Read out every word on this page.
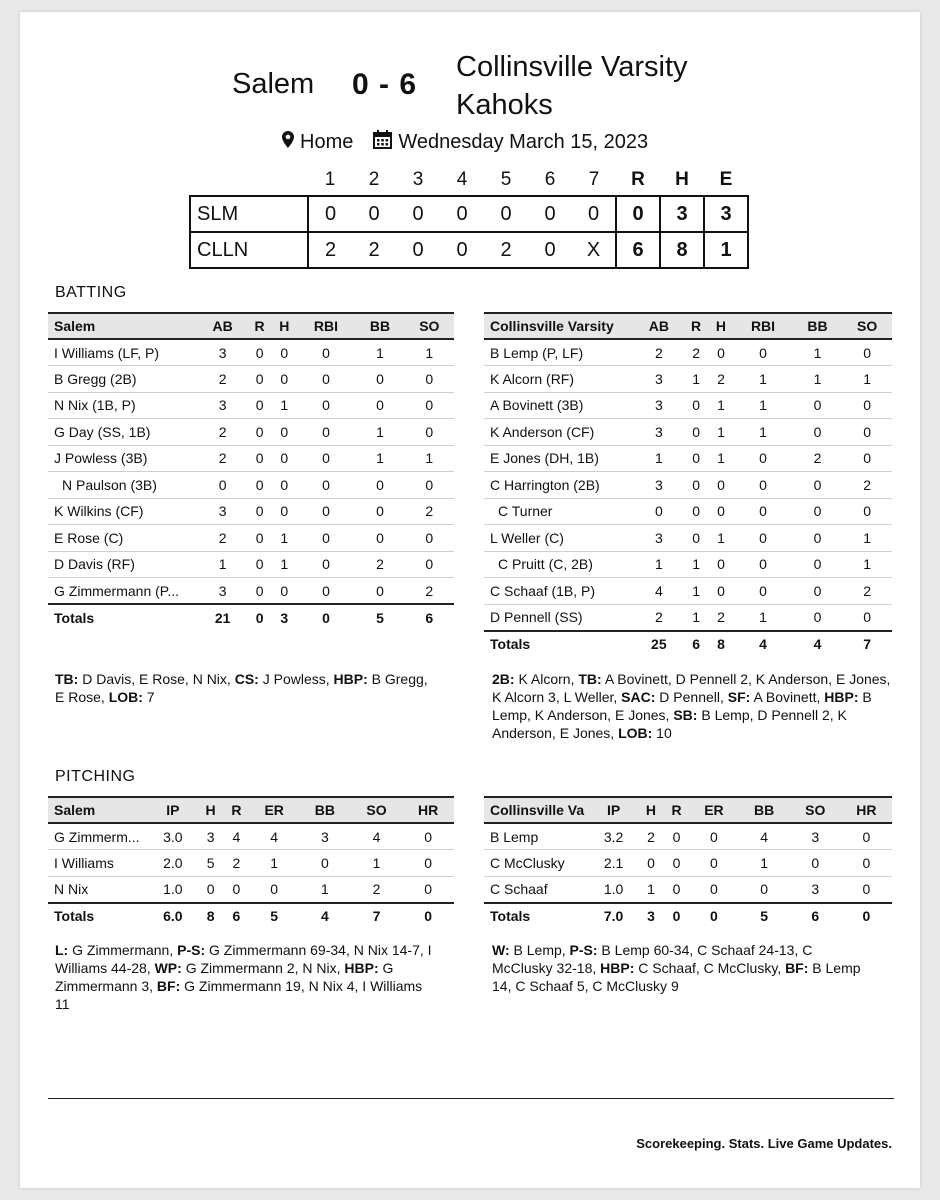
Salem 0 - 6
Collinsville Varsity Kahoks
Home Wednesday March 15, 2023
	1	2	3	4	5	6	7	R	H	E
SLM	0	0	0	0	0	0	0	0	3	3
CLLN	2	2	0	0	2	0	X	6	8	1
BATTING
Salem	AB	R	H	RBI	BB	SO
I Williams (LF, P)	3	0	0	0	1	1
B Gregg (2B)	2	0	0	0	0	0
N Nix (1B, P)	3	0	1	0	0	0
G Day (SS, 1B)	2	0	0	0	1	0
J Powless (3B)	2	0	0	0	1	1
N Paulson (3B)	0	0	0	0	0	0
K Wilkins (CF)	3	0	0	0	0	2
E Rose (C)	2	0	1	0	0	0
D Davis (RF)	1	0	1	0	2	0
G Zimmermann (P...	3	0	0	0	0	2
Totals	21	0	3	0	5	6
Collinsville Varsity	AB	R	H	RBI	BB	SO
B Lemp (P, LF)	2	2	0	0	1	0
K Alcorn (RF)	3	1	2	1	1	1
A Bovinett (3B)	3	0	1	1	0	0
K Anderson (CF)	3	0	1	1	0	0
E Jones (DH, 1B)	1	0	1	0	2	0
C Harrington (2B)	3	0	0	0	0	2
C Turner	0	0	0	0	0	0
L Weller (C)	3	0	1	0	0	1
C Pruitt (C, 2B)	1	1	0	0	0	1
C Schaaf (1B, P)	4	1	0	0	0	2
D Pennell (SS)	2	1	2	1	0	0
Totals	25	6	8	4	4	7
TB: D Davis, E Rose, N Nix, CS: J Powless, HBP: B Gregg, E Rose, LOB: 7
2B: K Alcorn, TB: A Bovinett, D Pennell 2, K Anderson, E Jones, K Alcorn 3, L Weller, SAC: D Pennell, SF: A Bovinett, HBP: B Lemp, K Anderson, E Jones, SB: B Lemp, D Pennell 2, K Anderson, E Jones, LOB: 10
PITCHING
Salem	IP	H	R	ER	BB	SO	HR
G Zimmerm...	3.0	3	4	4	3	4	0
I Williams	2.0	5	2	1	0	1	0
N Nix	1.0	0	0	0	1	2	0
Totals	6.0	8	6	5	4	7	0
Collinsville Va	IP	H	R	ER	BB	SO	HR
B Lemp	3.2	2	0	0	4	3	0
C McClusky	2.1	0	0	0	1	0	0
C Schaaf	1.0	1	0	0	0	3	0
Totals	7.0	3	0	0	5	6	0
L: G Zimmermann, P-S: G Zimmermann 69-34, N Nix 14-7, I Williams 44-28, WP: G Zimmermann 2, N Nix, HBP: G Zimmermann 3, BF: G Zimmermann 19, N Nix 4, I Williams 11
W: B Lemp, P-S: B Lemp 60-34, C Schaaf 24-13, C McClusky 32-18, HBP: C Schaaf, C McClusky, BF: B Lemp 14, C Schaaf 5, C McClusky 9
Scorekeeping. Stats. Live Game Updates.
